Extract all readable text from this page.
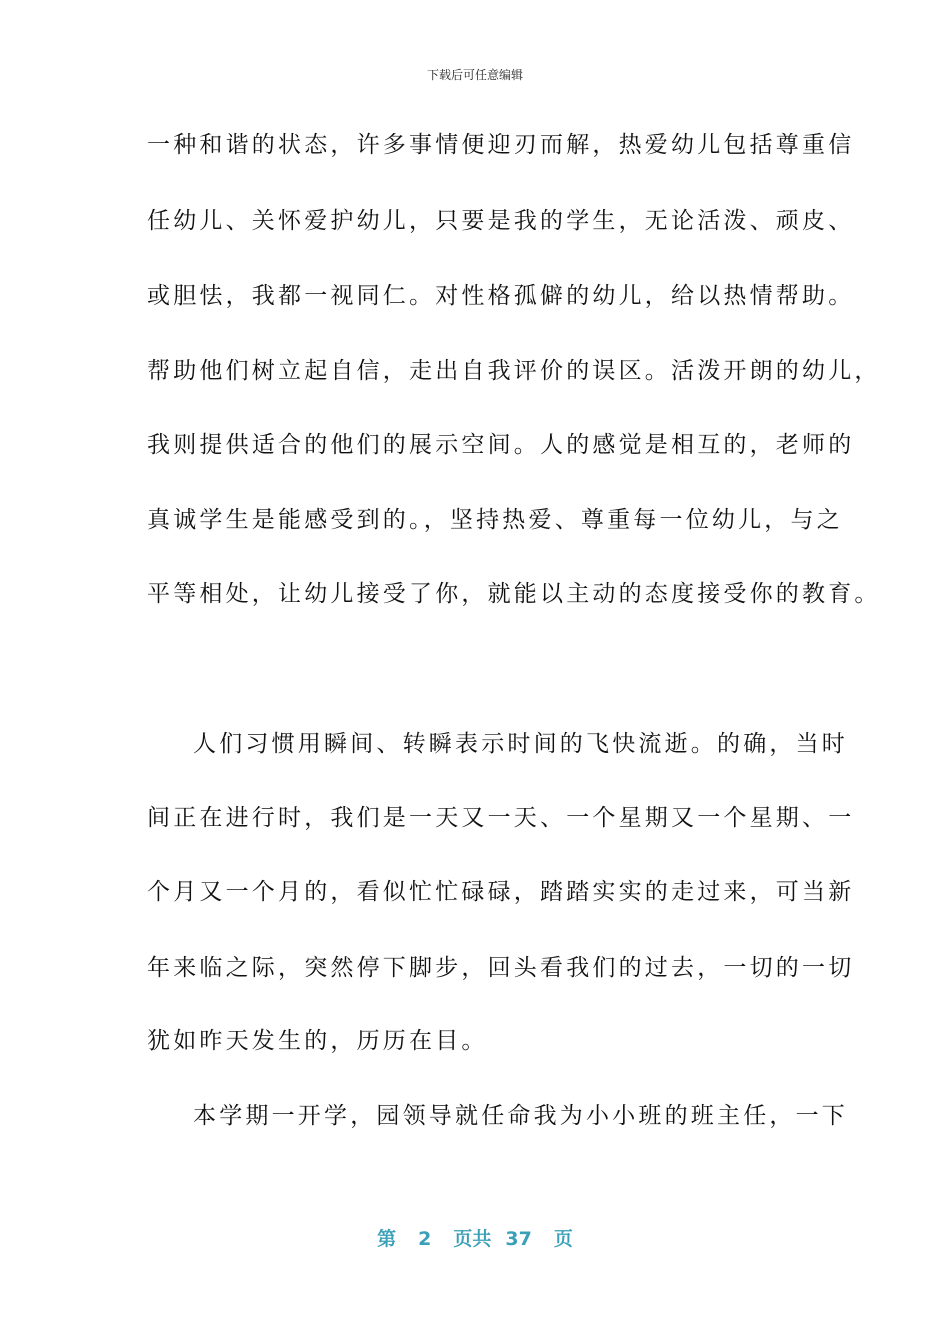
下载后可任意编辑
一种和谐的状态，许多事情便迎刃而解，热爱幼儿包括尊重信
任幼儿、关怀爱护幼儿，只要是我的学生，无论活泼、顽皮、
或胆怯，我都一视同仁。对性格孤僻的幼儿，给以热情帮助。
帮助他们树立起自信，走出自我评价的误区。活泼开朗的幼儿，
我则提供适合的他们的展示空间。人的感觉是相互的，老师的
真诚学生是能感受到的。，坚持热爱、尊重每一位幼儿，与之
平等相处，让幼儿接受了你，就能以主动的态度接受你的教育。
人们习惯用瞬间、转瞬表示时间的飞快流逝。的确，当时
间正在进行时，我们是一天又一天、一个星期又一个星期、一
个月又一个月的，看似忙忙碌碌，踏踏实实的走过来，可当新
年来临之际，突然停下脚步，回头看我们的过去，一切的一切
犹如昨天发生的，历历在目。
本学期一开学，园领导就任命我为小小班的班主任，一下
第 2 页共 37 页
